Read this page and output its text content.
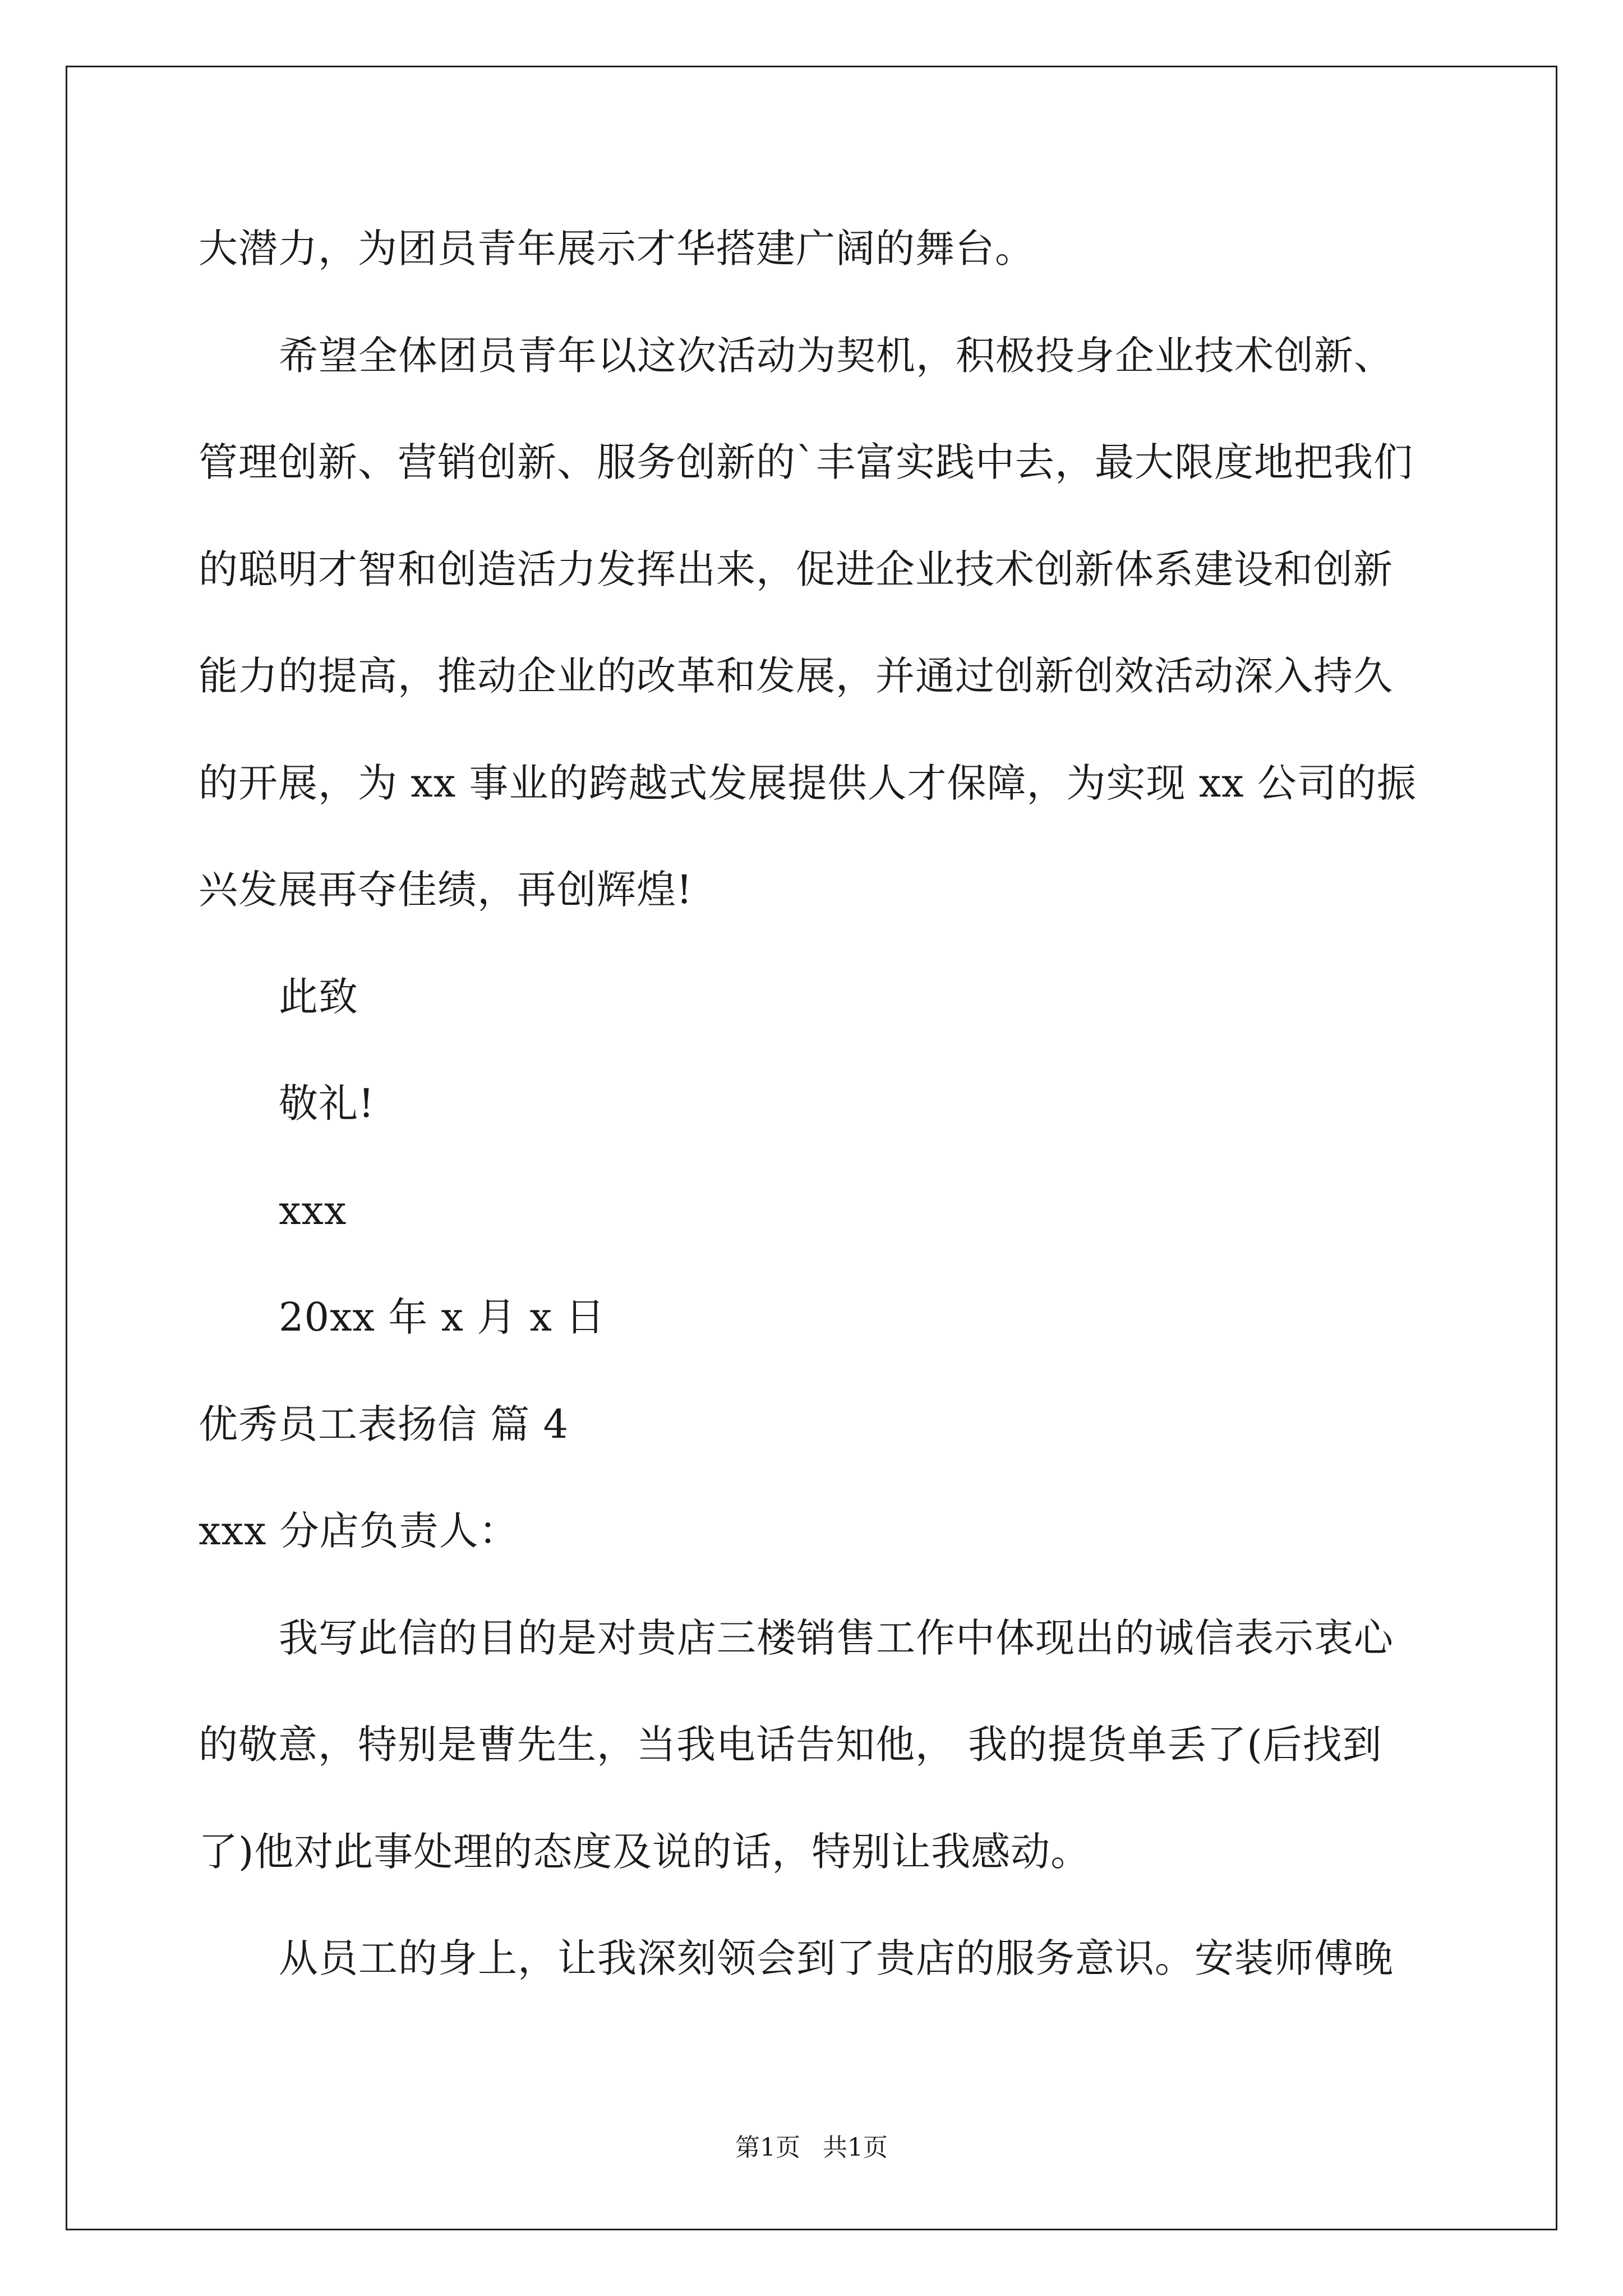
大潜力，为团员青年展示才华搭建广阔的舞台。
希望全体团员青年以这次活动为契机，积极投身企业技术创新、
管理创新、营销创新、服务创新的`丰富实践中去，最大限度地把我们
的聪明才智和创造活力发挥出来，促进企业技术创新体系建设和创新
能力的提高，推动企业的改革和发展，并通过创新创效活动深入持久
的开展，为 xx 事业的跨越式发展提供人才保障，为实现 xx 公司的振
兴发展再夺佳绩，再创辉煌!
此致
敬礼!
xxx
20xx 年 x 月 x 日
优秀员工表扬信 篇 4
xxx 分店负责人：
我写此信的目的是对贵店三楼销售工作中体现出的诚信表示衷心
的敬意，特别是曹先生，当我电话告知他， 我的提货单丢了(后找到
了)他对此事处理的态度及说的话，特别让我感动。
从员工的身上，让我深刻领会到了贵店的服务意识。安装师傅晚
第1页 共1页
